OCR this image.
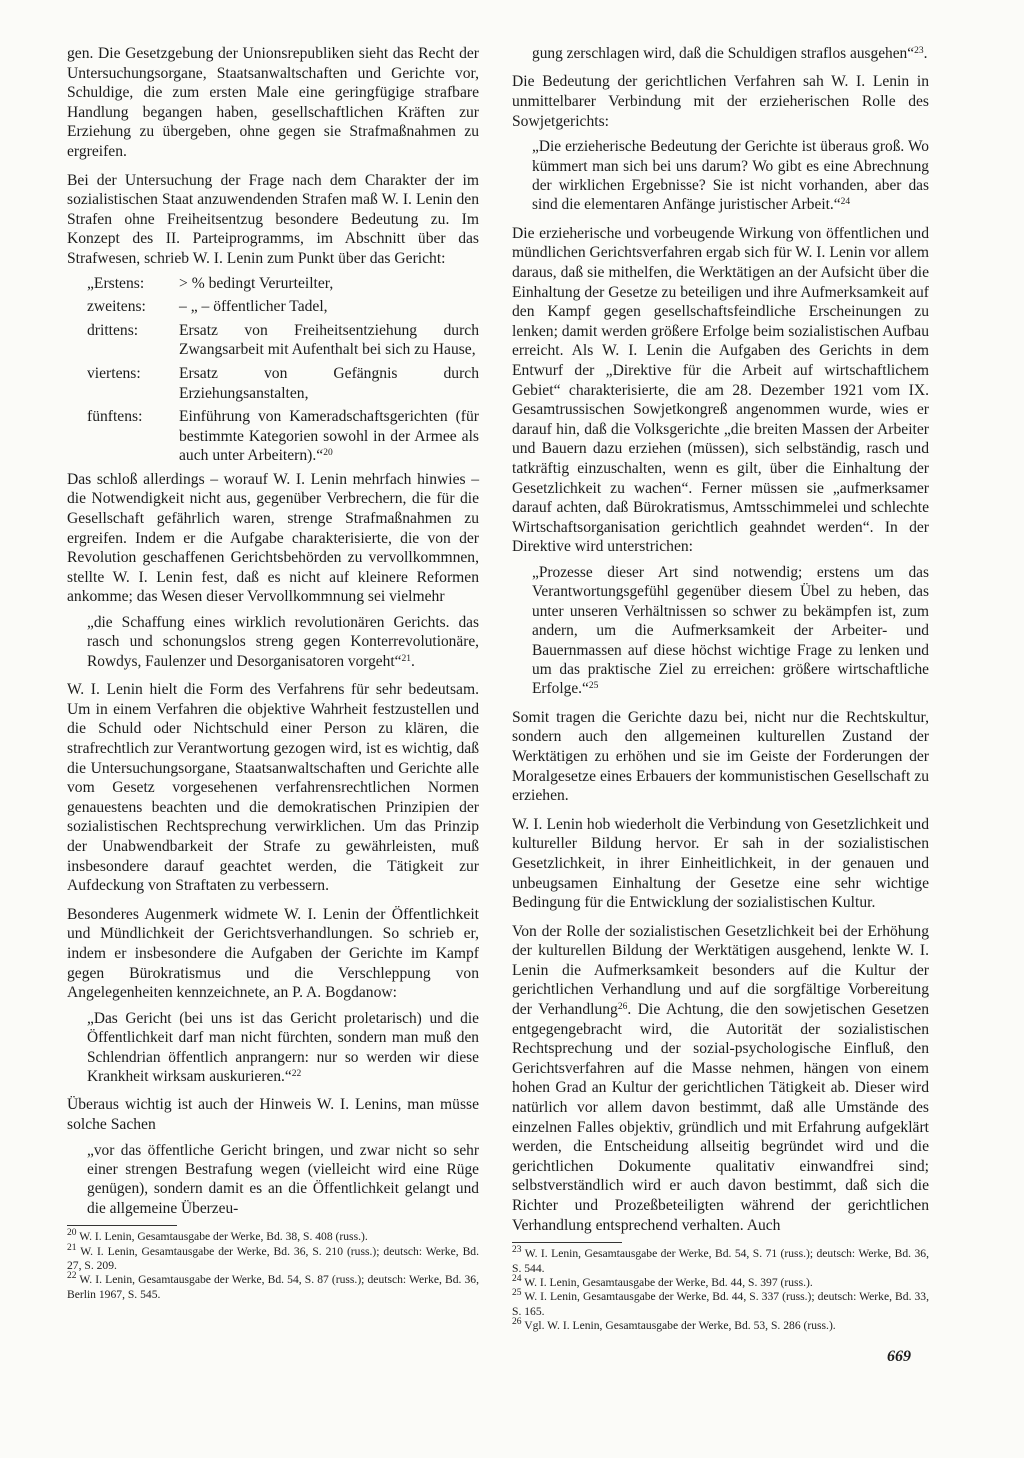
gen. Die Gesetzgebung der Unionsrepubliken sieht das Recht der Untersuchungsorgane, Staatsanwaltschaften und Gerichte vor, Schuldige, die zum ersten Male eine geringfügige strafbare Handlung begangen haben, gesellschaftlichen Kräften zur Erziehung zu übergeben, ohne gegen sie Strafmaßnahmen zu ergreifen.

Bei der Untersuchung der Frage nach dem Charakter der im sozialistischen Staat anzuwendenden Strafen maß W. I. Lenin den Strafen ohne Freiheitsentzug besondere Bedeutung zu. Im Konzept des II. Parteiprogramms, im Abschnitt über das Strafwesen, schrieb W. I. Lenin zum Punkt über das Gericht:

„Erstens:	> % bedingt Verurteilter,
zweitens:	– „ – öffentlicher Tadel,
drittens:	Ersatz von Freiheitsentziehung durch Zwangsarbeit mit Aufenthalt bei sich zu Hause,
viertens:	Ersatz von Gefängnis durch Erziehungsanstalten,
fünftens:	Einführung von Kameradschaftsgerichten (für bestimmte Kategorien sowohl in der Armee als auch unter Arbeitern).“$^{20}$

Das schloß allerdings – worauf W. I. Lenin mehrfach hinwies – die Notwendigkeit nicht aus, gegenüber Verbrechern, die für die Gesellschaft gefährlich waren, strenge Strafmaßnahmen zu ergreifen. Indem er die Aufgabe charakterisierte, die von der Revolution geschaffenen Gerichtsbehörden zu vervollkommnen, stellte W. I. Lenin fest, daß es nicht auf kleinere Reformen ankomme; das Wesen dieser Vervollkommnung sei vielmehr

„die Schaffung eines wirklich revolutionären Gerichts. das rasch und schonungslos streng gegen Konterrevolutionäre, Rowdys, Faulenzer und Desorganisatoren vorgeht“$^{21}$.

W. I. Lenin hielt die Form des Verfahrens für sehr bedeutsam. Um in einem Verfahren die objektive Wahrheit festzustellen und die Schuld oder Nichtschuld einer Person zu klären, die strafrechtlich zur Verantwortung gezogen wird, ist es wichtig, daß die Untersuchungsorgane, Staatsanwaltschaften und Gerichte alle vom Gesetz vorgesehenen verfahrensrechtlichen Normen genauestens beachten und die demokratischen Prinzipien der sozialistischen Rechtsprechung verwirklichen. Um das Prinzip der Unabwendbarkeit der Strafe zu gewährleisten, muß insbesondere darauf geachtet werden, die Tätigkeit zur Aufdeckung von Straftaten zu verbessern.

Besonderes Augenmerk widmete W. I. Lenin der Öffentlichkeit und Mündlichkeit der Gerichtsverhandlungen. So schrieb er, indem er insbesondere die Aufgaben der Gerichte im Kampf gegen Bürokratismus und die Verschleppung von Angelegenheiten kennzeichnete, an P. A. Bogdanow:

„Das Gericht (bei uns ist das Gericht proletarisch) und die Öffentlichkeit darf man nicht fürchten, sondern man muß den Schlendrian öffentlich anprangern: nur so werden wir diese Krankheit wirksam auskurieren.“$^{22}$

Überaus wichtig ist auch der Hinweis W. I. Lenins, man müsse solche Sachen

„vor das öffentliche Gericht bringen, und zwar nicht so sehr einer strengen Bestrafung wegen (vielleicht wird eine Rüge genügen), sondern damit es an die Öffentlichkeit gelangt und die allgemeine Überzeu-

$^{20}$ W. I. Lenin, Gesamtausgabe der Werke, Bd. 38, S. 408 (russ.).

$^{21}$ W. I. Lenin, Gesamtausgabe der Werke, Bd. 36, S. 210 (russ.); deutsch: Werke, Bd. 27, S. 209.

$^{22}$ W. I. Lenin, Gesamtausgabe der Werke, Bd. 54, S. 87 (russ.); deutsch: Werke, Bd. 36, Berlin 1967, S. 545.

gung zerschlagen wird, daß die Schuldigen straflos ausgehen“$^{23}$.

Die Bedeutung der gerichtlichen Verfahren sah W. I. Lenin in unmittelbarer Verbindung mit der erzieherischen Rolle des Sowjetgerichts:

„Die erzieherische Bedeutung der Gerichte ist überaus groß. Wo kümmert man sich bei uns darum? Wo gibt es eine Abrechnung der wirklichen Ergebnisse? Sie ist nicht vorhanden, aber das sind die elementaren Anfänge juristischer Arbeit.“$^{24}$

Die erzieherische und vorbeugende Wirkung von öffentlichen und mündlichen Gerichtsverfahren ergab sich für W. I. Lenin vor allem daraus, daß sie mithelfen, die Werktätigen an der Aufsicht über die Einhaltung der Gesetze zu beteiligen und ihre Aufmerksamkeit auf den Kampf gegen gesellschaftsfeindliche Erscheinungen zu lenken; damit werden größere Erfolge beim sozialistischen Aufbau erreicht. Als W. I. Lenin die Aufgaben des Gerichts in dem Entwurf der „Direktive für die Arbeit auf wirtschaftlichem Gebiet“ charakterisierte, die am 28. Dezember 1921 vom IX. Gesamtrussischen Sowjetkongreß angenommen wurde, wies er darauf hin, daß die Volksgerichte „die breiten Massen der Arbeiter und Bauern dazu erziehen (müssen), sich selbständig, rasch und tatkräftig einzuschalten, wenn es gilt, über die Einhaltung der Gesetzlichkeit zu wachen“. Ferner müssen sie „aufmerksamer darauf achten, daß Bürokratismus, Amtsschimmelei und schlechte Wirtschaftsorganisation gerichtlich geahndet werden“. In der Direktive wird unterstrichen:

„Prozesse dieser Art sind notwendig; erstens um das Verantwortungsgefühl gegenüber diesem Übel zu heben, das unter unseren Verhältnissen so schwer zu bekämpfen ist, zum andern, um die Aufmerksamkeit der Arbeiter- und Bauernmassen auf diese höchst wichtige Frage zu lenken und um das praktische Ziel zu erreichen: größere wirtschaftliche Erfolge.“$^{25}$

Somit tragen die Gerichte dazu bei, nicht nur die Rechtskultur, sondern auch den allgemeinen kulturellen Zustand der Werktätigen zu erhöhen und sie im Geiste der Forderungen der Moralgesetze eines Erbauers der kommunistischen Gesellschaft zu erziehen.

W. I. Lenin hob wiederholt die Verbindung von Gesetzlichkeit und kultureller Bildung hervor. Er sah in der sozialistischen Gesetzlichkeit, in ihrer Einheitlichkeit, in der genauen und unbeugsamen Einhaltung der Gesetze eine sehr wichtige Bedingung für die Entwicklung der sozialistischen Kultur.

Von der Rolle der sozialistischen Gesetzlichkeit bei der Erhöhung der kulturellen Bildung der Werktätigen ausgehend, lenkte W. I. Lenin die Aufmerksamkeit besonders auf die Kultur der gerichtlichen Verhandlung und auf die sorgfältige Vorbereitung der Verhandlung$^{26}$. Die Achtung, die den sowjetischen Gesetzen entgegengebracht wird, die Autorität der sozialistischen Rechtsprechung und der sozial-psychologische Einfluß, den Gerichtsverfahren auf die Masse nehmen, hängen von einem hohen Grad an Kultur der gerichtlichen Tätigkeit ab. Dieser wird natürlich vor allem davon bestimmt, daß alle Umstände des einzelnen Falles objektiv, gründlich und mit Erfahrung aufgeklärt werden, die Entscheidung allseitig begründet wird und die gerichtlichen Dokumente qualitativ einwandfrei sind; selbstverständlich wird er auch davon bestimmt, daß sich die Richter und Prozeßbeteiligten während der gerichtlichen Verhandlung entsprechend verhalten. Auch

$^{23}$ W. I. Lenin, Gesamtausgabe der Werke, Bd. 54, S. 71 (russ.); deutsch: Werke, Bd. 36, S. 544.

$^{24}$ W. I. Lenin, Gesamtausgabe der Werke, Bd. 44, S. 397 (russ.).

$^{25}$ W. I. Lenin, Gesamtausgabe der Werke, Bd. 44, S. 337 (russ.); deutsch: Werke, Bd. 33, S. 165.

$^{26}$ Vgl. W. I. Lenin, Gesamtausgabe der Werke, Bd. 53, S. 286 (russ.).

669
